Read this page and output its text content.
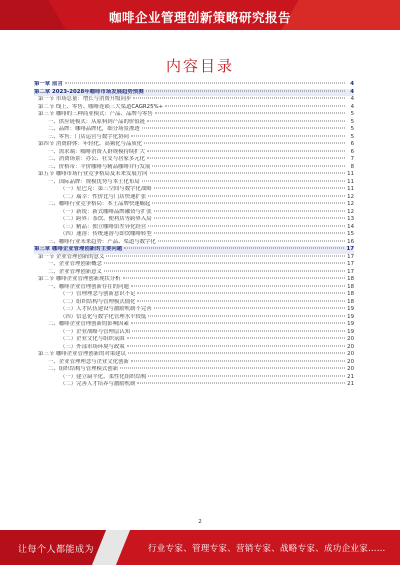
咖啡企业管理创新策略研究报告
内容目录
第一章 前言	4
第二章 2023-2028年咖啡市场发展趋势预测	4
第一节 市场总量：增长与消费升级同步	4
第二节 线上、零售、咖啡连锁三大渠道CAGR25%+	4
第三节 咖啡的三种商业模式：产品、品牌与零售	5
一、供应链模式：从原料到产品的价值链	5
二、品牌：咖啡品牌化，细分场景渗透	5
三、零售：门店运营与数字化协同	5
第四节 消费群体：年轻化、高频化与品质化	6
一、需求端：咖啡消费人群规模持续扩大	6
二、消费场景：办公、社交与居家多元化	7
三、价格带：平价咖啡与精品咖啡并行发展	8
第五节 咖啡市场行业竞争格局及未来发展方向	11
一、国际品牌：规模优势与本土化布局	11
（一）星巴克：第三空间与数字化战略	11
（二）瑞幸：性价比与门店快速扩张	12
二、咖啡行业竞争格局：本土品牌快速崛起	12
（一）新锐：新式咖啡品牌融资与扩张	12
（二）跨界：茶饮、便利店等跨界入局	13
（三）精品：独立咖啡馆差异化经营	14
（四）速溶：传统速溶与即饮咖啡转型	15
三、咖啡行业未来趋势：产品、渠道与数字化	16
第三章 咖啡企业管理创新的主要问题	17
第一节 企业管理创新的意义	17
一、企业管理创新概念	17
二、企业管理创新意义	17
第二节 咖啡企业管理创新现状分析	18
一、咖啡企业管理创新存在的问题	18
（一）管理理念与创新意识不足	18
（二）组织结构与管理模式僵化	18
（三）人才队伍建设与激励机制不完善	19
（四）信息化与数字化管理水平较低	19
二、咖啡企业管理创新的影响因素	19
（一）企业战略与管理层认知	19
（二）企业文化与组织氛围	20
（三）外部市场环境与政策	20
第三节 咖啡企业管理创新的对策建议	20
一、企业管理理念与企业文化创新	20
二、组织结构与管理模式创新	20
（一）建立扁平化、柔性化组织结构	21
（二）完善人才培养与激励机制	21
2
让每个人都能成为	行业专家、管理专家、营销专家、战略专家、成功企业家……
